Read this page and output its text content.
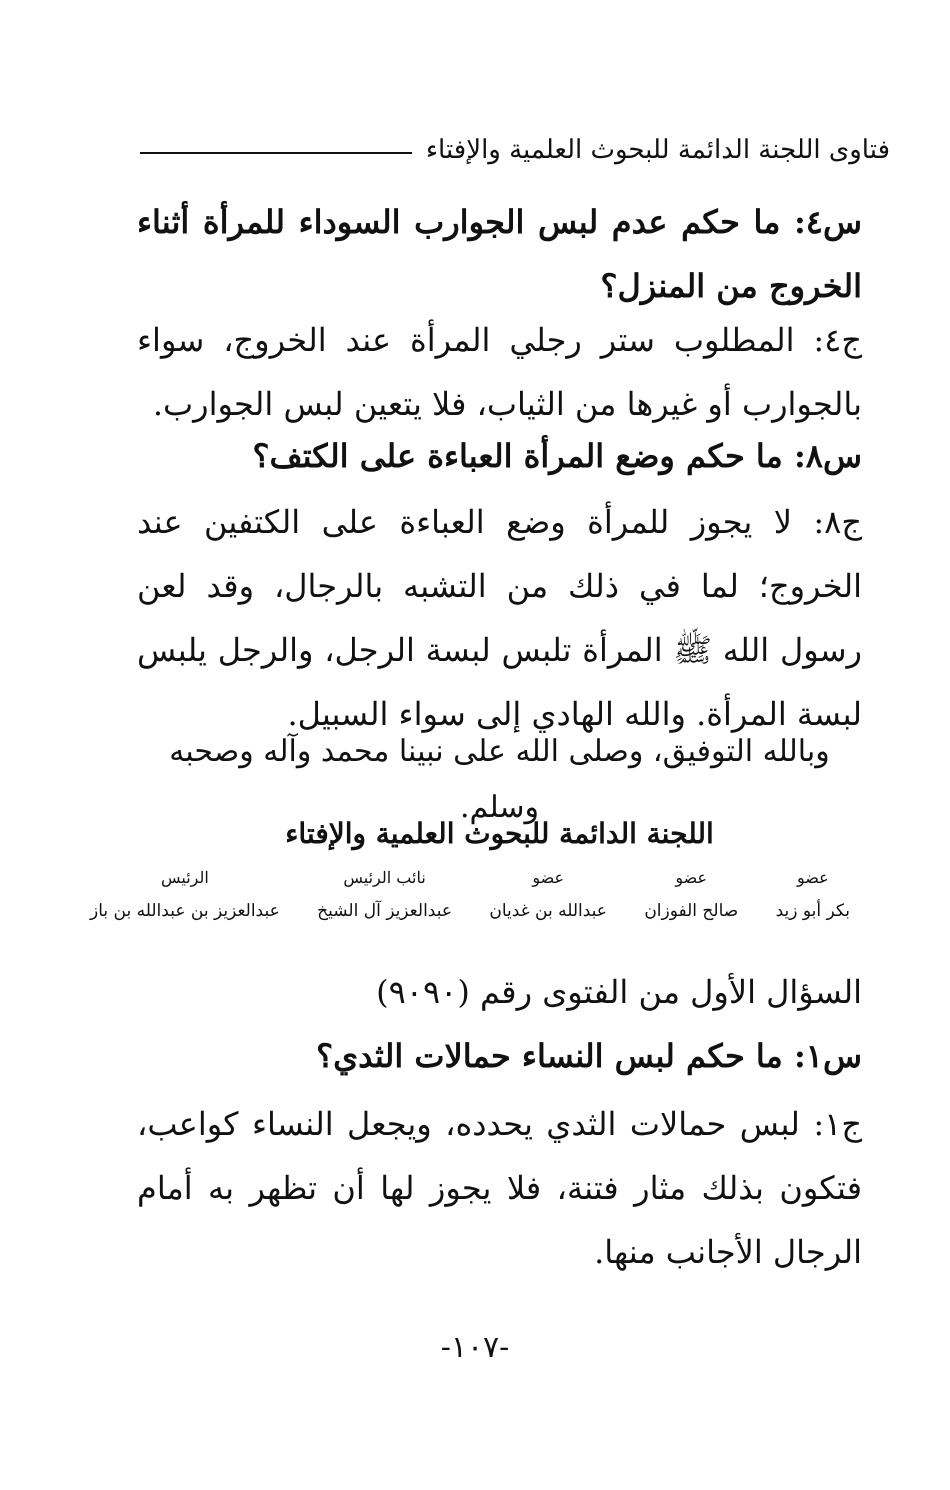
فتاوى اللجنة الدائمة للبحوث العلمية والإفتاء
س٤: ما حكم عدم لبس الجوارب السوداء للمرأة أثناء الخروج من المنزل؟
ج٤: المطلوب ستر رجلي المرأة عند الخروج، سواء بالجوارب أو غيرها من الثياب، فلا يتعين لبس الجوارب.
س٨: ما حكم وضع المرأة العباءة على الكتف؟
ج٨: لا يجوز للمرأة وضع العباءة على الكتفين عند الخروج؛ لما في ذلك من التشبه بالرجال، وقد لعن رسول الله ﷺ المرأة تلبس لبسة الرجل، والرجل يلبس لبسة المرأة. والله الهادي إلى سواء السبيل.
وبالله التوفيق، وصلى الله على نبينا محمد وآله وصحبه وسلم.
اللجنة الدائمة للبحوث العلمية والإفتاء
عضو
بكر أبو زيد
عضو
صالح الفوزان
عضو
عبدالله بن غديان
نائب الرئيس
عبدالعزيز آل الشيخ
الرئيس
عبدالعزيز بن عبدالله بن باز
السؤال الأول من الفتوى رقم (٩٠٩٠)
س١: ما حكم لبس النساء حمالات الثدي؟
ج١: لبس حمالات الثدي يحدده، ويجعل النساء كواعب، فتكون بذلك مثار فتنة، فلا يجوز لها أن تظهر به أمام الرجال الأجانب منها.
-١٠٧-
